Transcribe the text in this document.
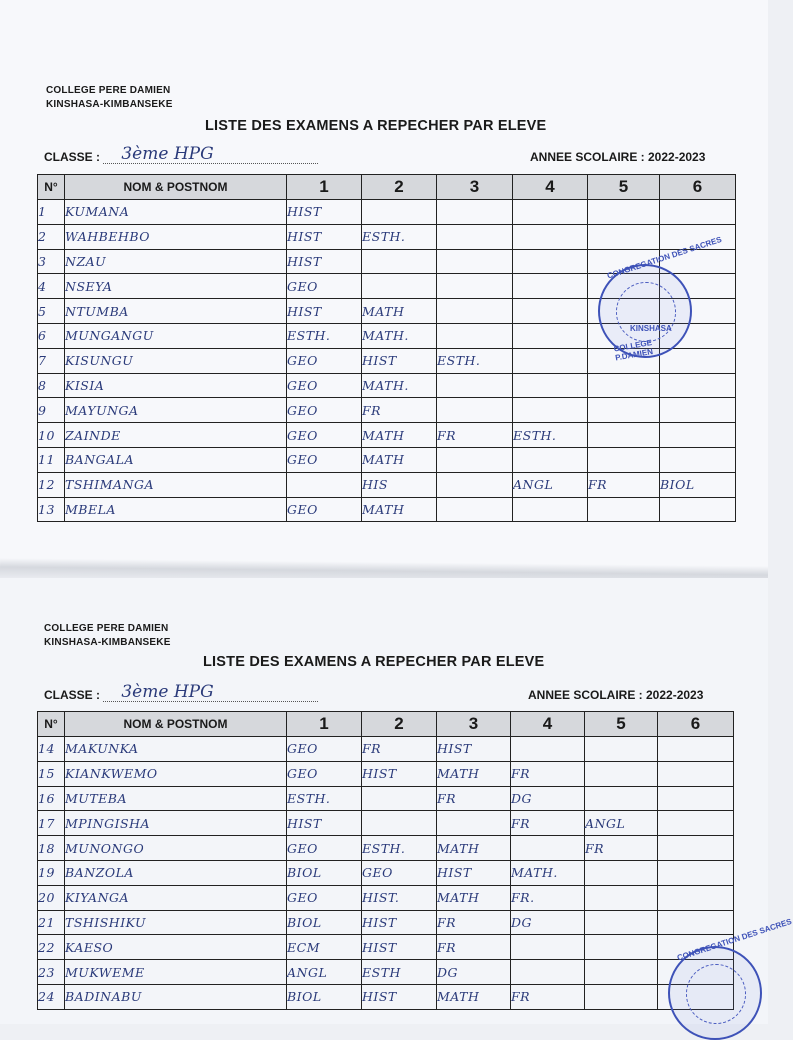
COLLEGE PERE DAMIEN
KINSHASA-KIMBANSEKE
LISTE DES EXAMENS A REPECHER PAR ELEVE
CLASSE : 3ème HPG	ANNEE SCOLAIRE : 2022-2023
N°	NOM & POSTNOM	1	2	3	4	5	6
1	KUMANA	HIST					
2	WAHBEHBO	HIST	ESTH.				
3	NZAU	HIST					
4	NSEYA	GEO					
5	NTUMBA	HIST	MATH				
6	MUNGANGU	ESTH.	MATH.				
7	KISUNGU	GEO	HIST	ESTH.			
8	KISIA	GEO	MATH.				
9	MAYUNGA	GEO	FR				
10	ZAINDE	GEO	MATH	FR	ESTH.		
11	BANGALA	GEO	MATH				
12	TSHIMANGA		HIS		ANGL	FR	BIOL
13	MBELA	GEO	MATH				
CONGREGATION DES SACRES
KINSHASA
COLLEGE P.DAMIEN
COLLEGE PERE DAMIEN
KINSHASA-KIMBANSEKE
LISTE DES EXAMENS A REPECHER PAR ELEVE
CLASSE : 3ème HPG	ANNEE SCOLAIRE : 2022-2023
N°	NOM & POSTNOM	1	2	3	4	5	6
14	MAKUNKA	GEO	FR	HIST			
15	KIANKWEMO	GEO	HIST	MATH	FR		
16	MUTEBA	ESTH.		FR	DG		
17	MPINGISHA	HIST			FR	ANGL	
18	MUNONGO	GEO	ESTH.	MATH		FR	
19	BANZOLA	BIOL	GEO	HIST	MATH.		
20	KIYANGA	GEO	HIST.	MATH	FR.		
21	TSHISHIKU	BIOL	HIST	FR	DG		
22	KAESO	ECM	HIST	FR			
23	MUKWEME	ANGL	ESTH	DG			
24	BADINABU	BIOL	HIST	MATH	FR		
CONGREGATION DES SACRES
